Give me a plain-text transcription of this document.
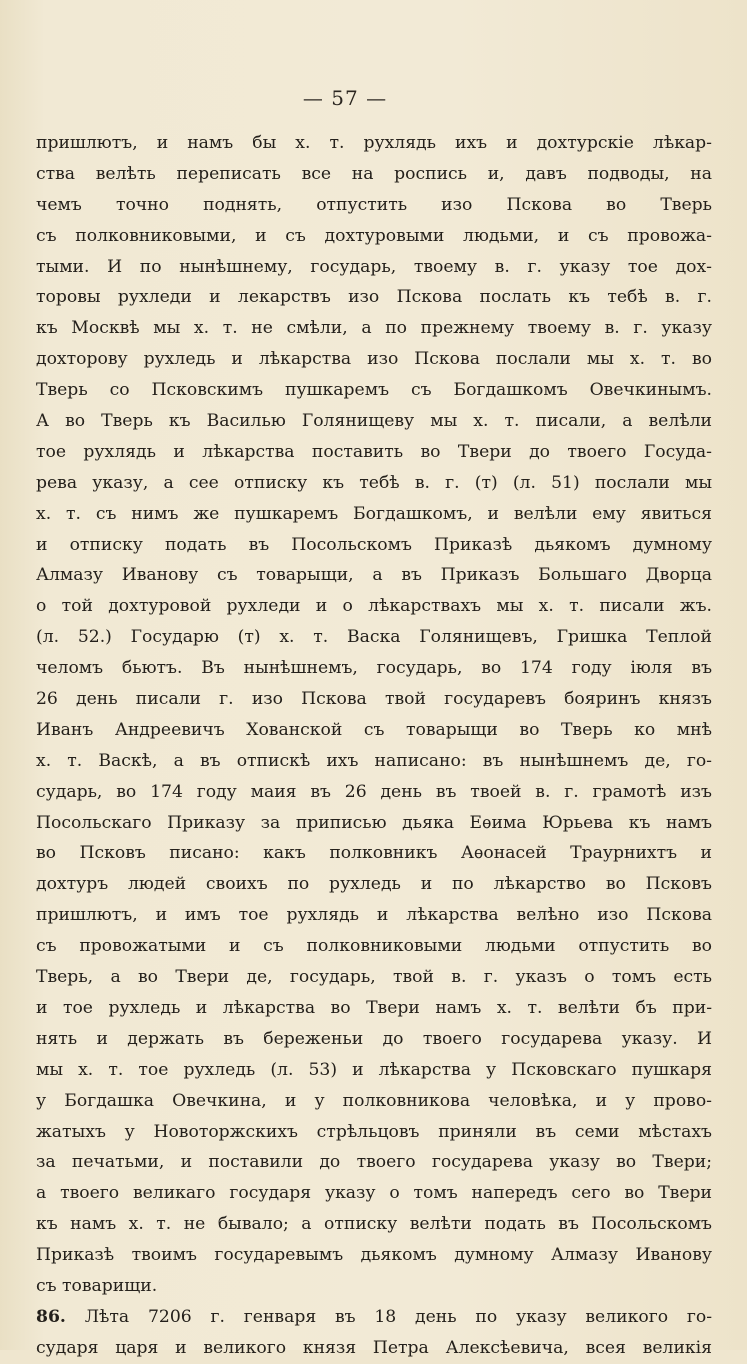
— 57 —
пришлютъ, и намъ бы х. т. рухлядь ихъ и дохтурскіе лѣкар-
ства велѣть переписать все на роспись и, давъ подводы, на
чемъ точно поднять, отпустить изо Пскова во Тверь
съ полковниковыми, и съ дохтуровыми людьми, и съ провожа-
тыми. И по нынѣшнему, государь, твоему в. г. указу тое дох-
торовы рухледи и лекарствъ изо Пскова послать къ тебѣ в. г.
къ Москвѣ мы х. т. не смѣли, а по прежнему твоему в. г. указу
дохторову рухледь и лѣкарства изо Пскова послали мы х. т. во
Тверь со Псковскимъ пушкаремъ съ Богдашкомъ Овечкинымъ.
А во Тверь къ Василью Голянищеву мы х. т. писали, а велѣли
тое рухлядь и лѣкарства поставить во Твери до твоего Госуда-
рева указу, а сее отписку къ тебѣ в. г. (т) (л. 51) послали мы
х. т. съ нимъ же пушкаремъ Богдашкомъ, и велѣли ему явиться
и отписку подать въ Посольскомъ Приказѣ дьякомъ думному
Алмазу Иванову съ товарыщи, а въ Приказъ Большаго Дворца
о той дохтуровой рухледи и о лѣкарствахъ мы х. т. писали жъ.
(л. 52.) Государю (т) х. т. Васка Голянищевъ, Гришка Теплой
челомъ бьютъ. Въ нынѣшнемъ, государь, во 174 году іюля въ
26 день писали г. изо Пскова твой государевъ бояринъ князъ
Иванъ Андреевичъ Хованской съ товарыщи во Тверь ко мнѣ
х. т. Васкѣ, а въ отпискѣ ихъ написано: въ нынѣшнемъ де, го-
сударь, во 174 году маия въ 26 день въ твоей в. г. грамотѣ изъ
Посольскаго Приказу за приписью дьяка Еѳима Юрьева къ намъ
во Псковъ писано: какъ полковникъ Аѳонасей Траурнихтъ и
дохтуръ людей своихъ по рухледь и по лѣкарство во Псковъ
пришлютъ, и имъ тое рухлядь и лѣкарства велѣно изо Пскова
съ провожатыми и съ полковниковыми людьми отпустить во
Тверь, а во Твери де, государь, твой в. г. указъ о томъ есть
и тое рухледь и лѣкарства во Твери намъ х. т. велѣти бъ при-
нять и держать въ береженьи до твоего государева указу. И
мы х. т. тое рухледь (л. 53) и лѣкарства у Псковскаго пушкаря
у Богдашка Овечкина, и у полковникова человѣка, и у прово-
жатыхъ у Новоторжскихъ стрѣльцовъ приняли въ семи мѣстахъ
за печатьми, и поставили до твоего государева указу во Твери;
а твоего великаго государя указу о томъ напередъ сего во Твери
къ намъ х. т. не бывало; а отписку велѣти подать въ Посольскомъ
Приказѣ твоимъ государевымъ дьякомъ думному Алмазу Иванову
съ товарищи.
86. Лѣта 7206 г. генваря въ 18 день по указу великого го-
сударя царя и великого князя Петра Алексѣевича, всея великія
